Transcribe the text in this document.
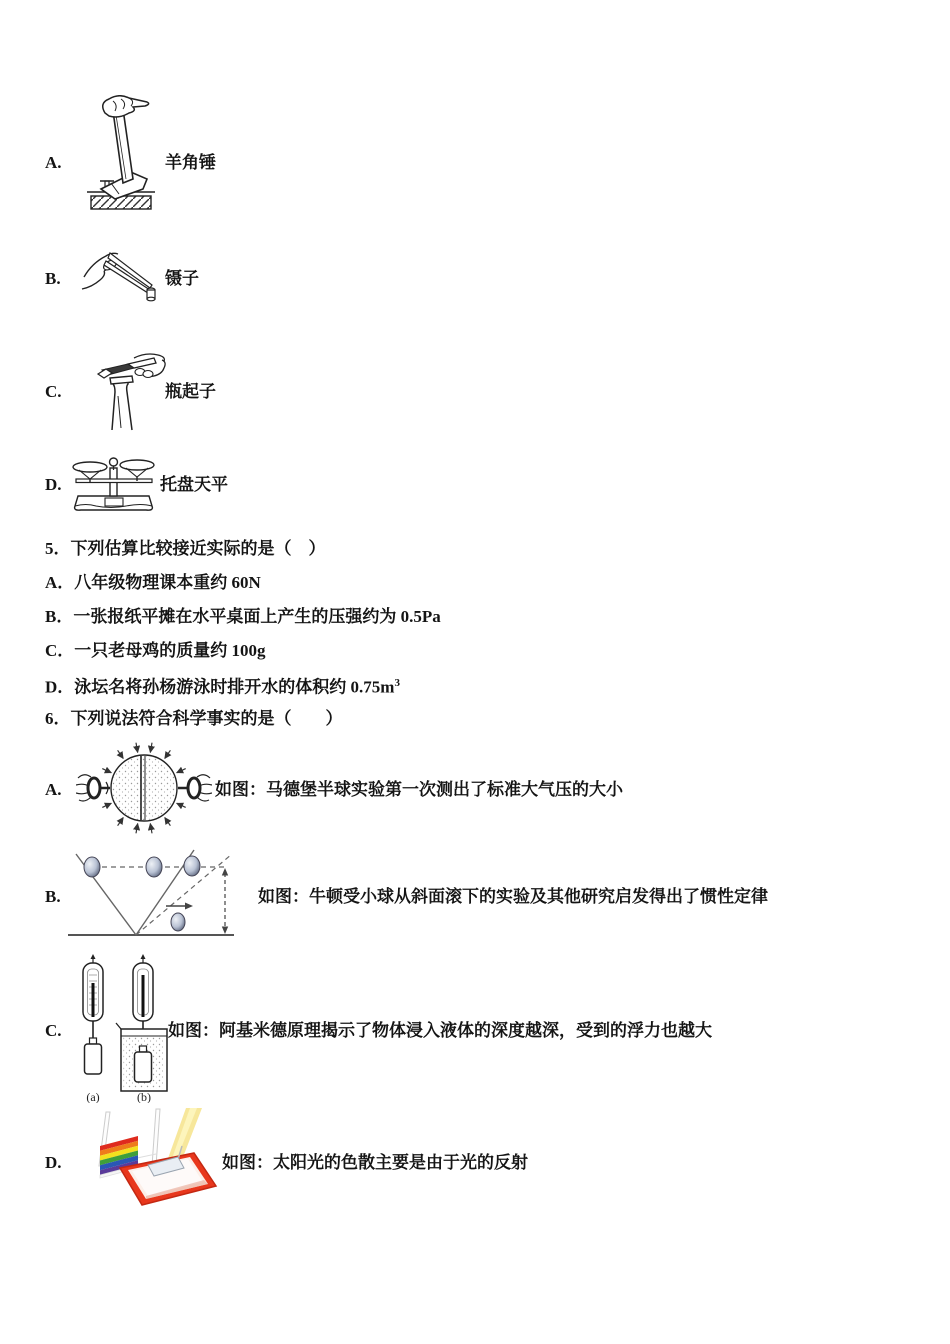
A.	羊角锤
B.	镊子
C.	瓶起子
D.	托盘天平
5．下列估算比较接近实际的是（　）
A．八年级物理课本重约 60N
B．一张报纸平摊在水平桌面上产生的压强约为 0.5Pa
C．一只老母鸡的质量约 100g
D．泳坛名将孙杨游泳时排开水的体积约 $0.75m^3$
6．下列说法符合科学事实的是（　　）
A.	如图：马德堡半球实验第一次测出了标准大气压的大小
B.	如图：牛顿受小球从斜面滚下的实验及其他研究启发得出了惯性定律
C.
(a)	(b)
如图：阿基米德原理揭示了物体浸入液体的深度越深，受到的浮力也越大
D.	如图：太阳光的色散主要是由于光的反射
